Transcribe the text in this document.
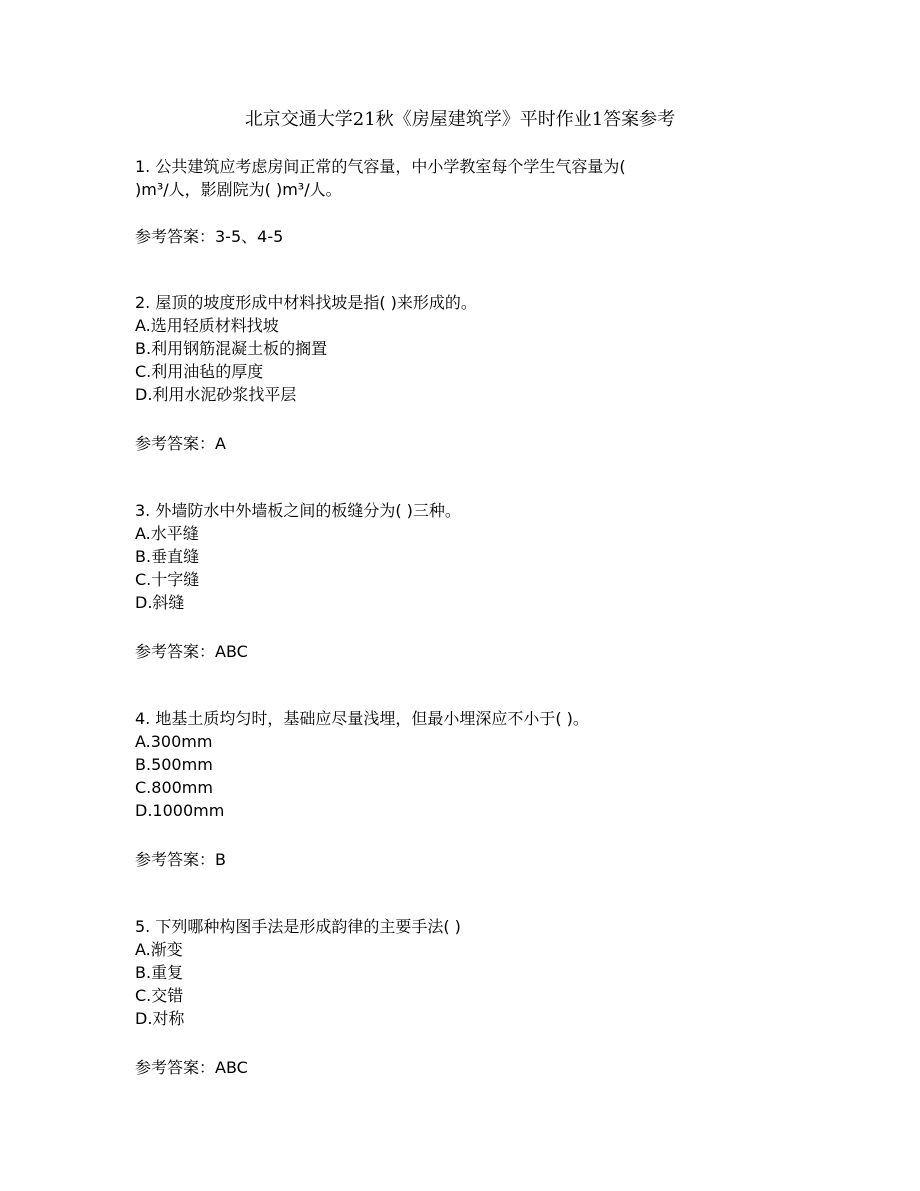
北京交通大学21秋《房屋建筑学》平时作业1答案参考

1. 公共建筑应考虑房间正常的气容量，中小学教室每个学生气容量为(
)m³/人，影剧院为( )m³/人。

参考答案：3-5、4-5

2. 屋顶的坡度形成中材料找坡是指( )来形成的。

A.选用轻质材料找坡

B.利用钢筋混凝土板的搁置

C.利用油毡的厚度

D.利用水泥砂浆找平层

参考答案：A

3. 外墙防水中外墙板之间的板缝分为( )三种。

A.水平缝

B.垂直缝

C.十字缝

D.斜缝

参考答案：ABC

4. 地基土质均匀时，基础应尽量浅埋，但最小埋深应不小于( )。

A.300mm

B.500mm

C.800mm

D.1000mm

参考答案：B

5. 下列哪种构图手法是形成韵律的主要手法( )

A.渐变

B.重复

C.交错

D.对称

参考答案：ABC
